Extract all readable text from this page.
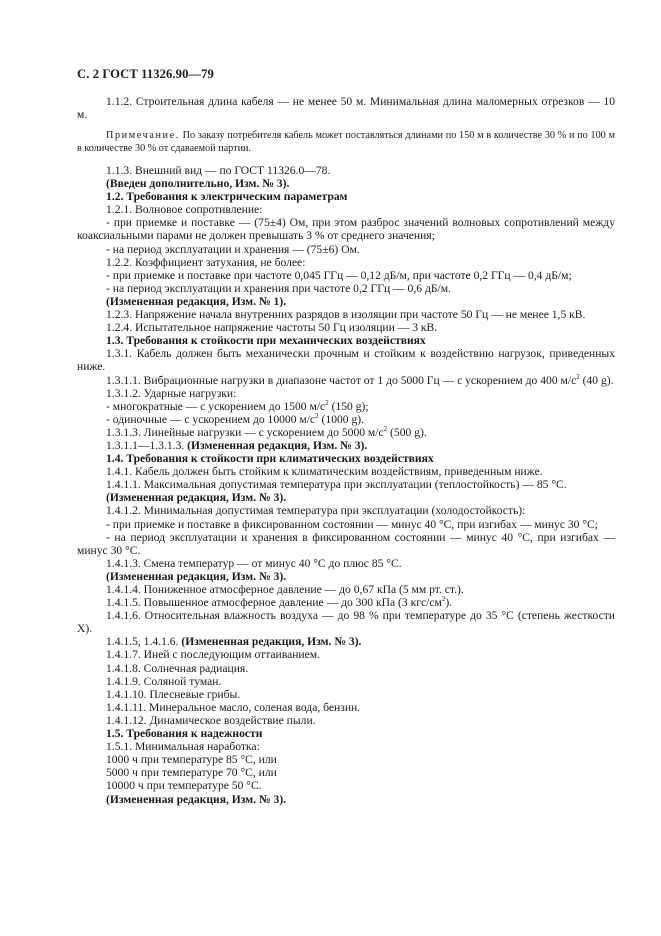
С. 2 ГОСТ 11326.90—79

1.1.2. Строительная длина кабеля — не менее 50 м. Минимальная длина маломерных отрезков — 10 м.

Примечание. По заказу потребителя кабель может поставляться длинами по 150 м в количестве 30 % и по 100 м в количестве 30 % от сдаваемой партии.

1.1.3. Внешний вид — по ГОСТ 11326.0—78.

(Введен дополнительно, Изм. № 3).

1.2. Требования к электрическим параметрам

1.2.1. Волновое сопротивление:

- при приемке и поставке — (75±4) Ом, при этом разброс значений волновых сопротивлений между коаксиальными парами не должен превышать 3 % от среднего значения;

- на период эксплуатации и хранения — (75±6) Ом.

1.2.2. Коэффициент затухания, не более:

- при приемке и поставке при частоте 0,045 ГГц — 0,12 дБ/м, при частоте 0,2 ГГц — 0,4 дБ/м;

- на период эксплуатации и хранения при частоте 0,2 ГГц — 0,6 дБ/м.

(Измененная редакция, Изм. № 1).

1.2.3. Напряжение начала внутренних разрядов в изоляции при частоте 50 Гц — не менее 1,5 кВ.

1.2.4. Испытательное напряжение частоты 50 Гц изоляции — 3 кВ.

1.3. Требования к стойкости при механических воздействиях

1.3.1. Кабель должен быть механически прочным и стойким к воздействию нагрузок, приведенных ниже.

1.3.1.1. Вибрационные нагрузки в диапазоне частот от 1 до 5000 Гц — с ускорением до 400 $м/с^2$ (40 g).

1.3.1.2. Ударные нагрузки:

- многократные — с ускорением до 1500 $м/с^2$ (150 g);

- одиночные — с ускорением до 10000 $м/с^2$ (1000 g).

1.3.1.3. Линейные нагрузки — с ускорением до 5000 $м/с^2$ (500 g).

1.3.1.1—1.3.1.3. (Измененная редакция, Изм. № 3).

1.4. Требования к стойкости при климатических воздействиях

1.4.1. Кабель должен быть стойким к климатическим воздействиям, приведенным ниже.

1.4.1.1. Максимальная допустимая температура при эксплуатации (теплостойкость) — 85 °С.

(Измененная редакция, Изм. № 3).

1.4.1.2. Минимальная допустимая температура при эксплуатации (холодостойкость):

- при приемке и поставке в фиксированном состоянии — минус 40 °С, при изгибах — минус 30 °С;

- на период эксплуатации и хранения в фиксированном состоянии — минус 40 °С, при изгибах — минус 30 °С.

1.4.1.3. Смена температур — от минус 40 °С до плюс 85 °С.

(Измененная редакция, Изм. № 3).

1.4.1.4. Пониженное атмосферное давление — до 0,67 кПа (5 мм рт. ст.).

1.4.1.5. Повышенное атмосферное давление — до 300 кПа (3 кгс/$см^2$).

1.4.1.6. Относительная влажность воздуха — до 98 % при температуре до 35 °С (степень жесткости X).

1.4.1.5, 1.4.1.6. (Измененная редакция, Изм. № 3).

1.4.1.7. Иней с последующим оттаиванием.

1.4.1.8. Солнечная радиация.

1.4.1.9. Соляной туман.

1.4.1.10. Плесневые грибы.

1.4.1.11. Минеральное масло, соленая вода, бензин.

1.4.1.12. Динамическое воздействие пыли.

1.5. Требования к надежности

1.5.1. Минимальная наработка:

1000 ч при температуре 85 °С, или

5000 ч при температуре 70 °С, или

10000 ч при температуре 50 °С.

(Измененная редакция, Изм. № 3).
